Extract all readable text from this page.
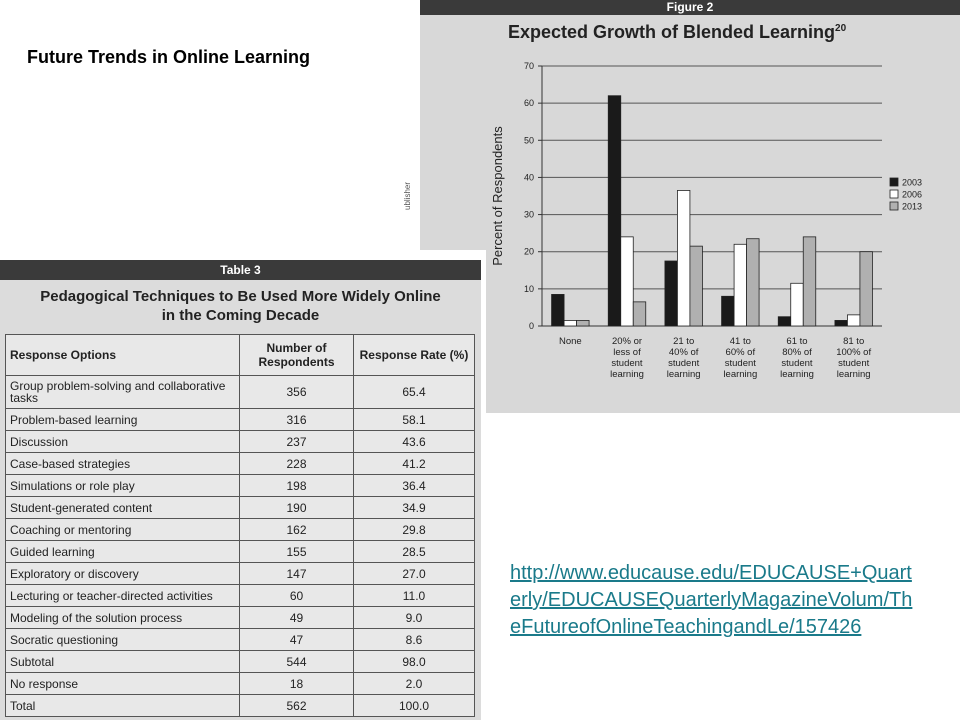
Future Trends in Online Learning
Figure 2
Expected Growth of Blended Learning$^{20}$
ublisher
0
10
20
30
40
50
60
70
Percent of Respondents
None	20% or
less of
student
learning
21 to
40% of
student
learning
41 to
60% of
student
learning
61 to
80% of
student
learning
81 to
100% of
student
learning
2003
2006
2013
Table 3
Pedagogical Techniques to Be Used More Widely Online
in the Coming Decade
Response Options	Number of Respondents	Response Rate (%)
Group problem-solving and collaborative tasks	356	65.4
Problem-based learning	316	58.1
Discussion	237	43.6
Case-based strategies	228	41.2
Simulations or role play	198	36.4
Student-generated content	190	34.9
Coaching or mentoring	162	29.8
Guided learning	155	28.5
Exploratory or discovery	147	27.0
Lecturing or teacher-directed activities	60	11.0
Modeling of the solution process	49	9.0
Socratic questioning	47	8.6
Subtotal	544	98.0
No response	18	2.0
Total	562	100.0
http://www.educause.edu/EDUCAUSE+Quarterly/EDUCAUSEQuarterlyMagazineVolum/TheFutureofOnlineTeachingandLe/157426
